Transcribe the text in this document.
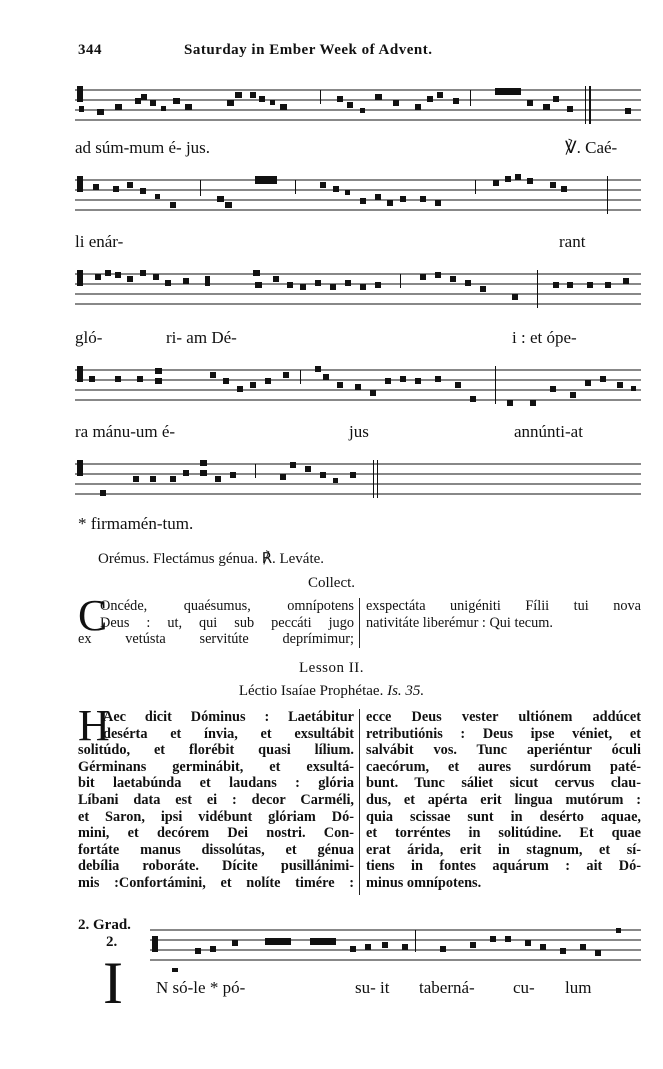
344	Saturday in Ember Week of Advent.
ad súm-mum é- jus.	℣. Caé-
li enár-	rant
gló-	ri- am Dé-	i : et ópe-
ra mánu-um é-	jus	annúnti-at
* firmamén-tum.
Orémus. Flectámus génua. ℟. Leváte.
Collect.
C

Oncéde, quaésumus, omnípotens

Deus : ut, qui sub peccáti jugo

ex vetústa servitúte deprímimur;

exspectáta unigéniti Fílii tui nova

nativitáte liberémur : Qui tecum.

Lesson II.
Léctio Isaíae Prophétae. Is. 35.
H

Aec dicit Dóminus : Laetábitur

desérta et ínvia, et exsultábit

solitúdo, et florébit quasi lílium.

Gérminans germinábit, et exsultá-

bit laetabúnda et laudans : glória

Líbani data est ei : decor Carméli,

et Saron, ipsi vidébunt glóriam Dó-

mini, et decórem Dei nostri. Con-

fortáte manus dissolútas, et génua

debília roboráte. Dícite pusillánimi-

mis :Confortámini, et nolíte timére :

ecce Deus vester ultiónem addúcet

retributiónis : Deus ipse véniet, et

salvábit vos. Tunc aperiéntur óculi

caecórum, et aures surdórum paté-

bunt. Tunc sáliet sicut cervus clau-

dus, et apérta erit lingua mutórum :

quia scissae sunt in desérto aquae,

et torréntes in solitúdine. Et quae

erat árida, erit in stagnum, et sí-

tiens in fontes aquárum : ait Dó-

minus omnípotens.

2. Grad.
2.
I N só-le * pó-	su- it taberná- cu- lum
